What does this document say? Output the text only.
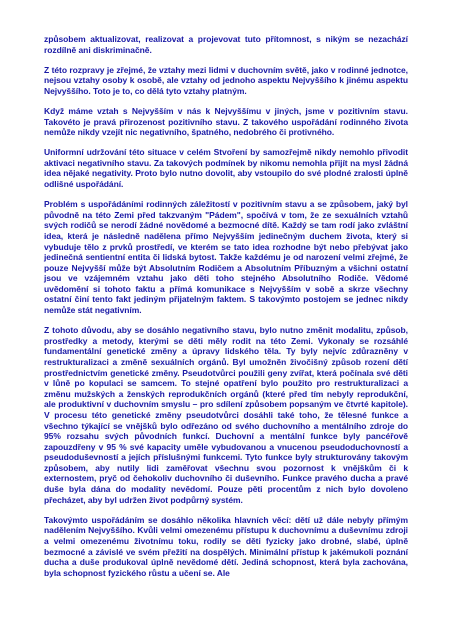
způsobem aktualizovat, realizovat a projevovat tuto přítomnost, s nikým se nezachází rozdílně ani diskriminačně.

Z této rozpravy je zřejmé, že vztahy mezi lidmi v duchovním světě, jako v rodinné jednotce, nejsou vztahy osoby k osobě, ale vztahy od jednoho aspektu Nejvyššího k jinému aspektu Nejvyššího. Toto je to, co dělá tyto vztahy platným.

Když máme vztah s Nejvyšším v nás k Nejvyššímu v jiných, jsme v pozitivním stavu. Takovéto je pravá přirozenost pozitivního stavu. Z takového uspořádání rodinného života nemůže nikdy vzejít nic negativního, špatného, nedobrého či protivného.

Uniformní udržování této situace v celém Stvoření by samozřejmě nikdy nemohlo přivodit aktivaci negativního stavu. Za takových podmínek by nikomu nemohla přijít na mysl žádná idea nějaké negativity. Proto bylo nutno dovolit, aby vstoupilo do své plodné zralosti úplně odlišné uspořádání.

Problém s uspořádáními rodinných záležitostí v pozitivním stavu a se způsobem, jaký byl původně na této Zemi před takzvaným "Pádem", spočívá v tom, že ze sexuálních vztahů svých rodičů se nerodí žádné novědomé a bezmocné dítě. Každý se tam rodí jako zvláštní idea, která je následně nadělena přímo Nejvyšším jedinečným duchem života, který si vybuduje tělo z prvků prostředí, ve kterém se tato idea rozhodne být nebo přebývat jako jedinečná sentientní entita či lidská bytost. Takže každému je od narození velmi zřejmé, že pouze Nejvyšší může být Absolutním Rodičem a Absolutním Příbuzným a všichni ostatní jsou ve vzájemném vztahu jako děti toho stejného Absolutního Rodiče. Vědomé uvědomění si tohoto faktu a přímá komunikace s Nejvyšším v sobě a skrze všechny ostatní činí tento fakt jediným přijatelným faktem. S takovýmto postojem se jednec nikdy nemůže stát negativním.

Z tohoto důvodu, aby se dosáhlo negativního stavu, bylo nutno změnit modalitu, způsob, prostředky a metody, kterými se děti měly rodit na této Zemi. Vykonaly se rozsáhlé fundamentální genetické změny a úpravy lidského těla. Ty byly nejvíc zdůrazněny v restrukturalizaci a změně sexuálních orgánů. Byl umožněn živočišný způsob rození dětí prostřednictvím genetické změny. Pseudotvůrci použili geny zvířat, která počínala své děti v lůně po kopulaci se samcem. To stejné opatření bylo použito pro restrukturalizaci a změnu mužských a ženských reprodukčních orgánů (které před tím nebyly reprodukční, ale produktivní v duchovním smyslu – pro sdílení způsobem popsaným ve čtvrté kapitole). V procesu této genetické změny pseudotvůrci dosáhli také toho, že tělesné funkce a všechno týkající se vnějšků bylo odřezáno od svého duchovního a mentálního zdroje do 95% rozsahu svých původních funkcí. Duchovní a mentální funkce byly pancéřově zapouzdřeny v 95 % své kapacity uměle vybudovanou a vnucenou pseudoduchovností a pseudoduševností a jejích příslušnými funkcemi. Tyto funkce byly strukturovány takovým způsobem, aby nutily lidi zaměřovat všechnu svou pozornost k vnějškům či k externostem, pryč od čehokoliv duchovního či duševního. Funkce pravého ducha a pravé duše byla dána do modality nevědomí. Pouze pěti procentům z nich bylo dovoleno přecházet, aby byl udržen život podpůrný systém.

Takovýmto uspořádáním se dosáhlo několika hlavních věcí: dětí už dále nebyly přímým nadělením Nejvyššího. Kvůli velmi omezenému přístupu k duchovnímu a duševnímu zdroji a velmi omezenému životnímu toku, rodily se děti fyzicky jako drobné, slabé, úplně bezmocné a závislé ve svém přežití na dospělých. Minimální přístup k jakémukoli poznání ducha a duše produkoval úplně nevědomé dětí. Jediná schopnost, která byla zachována, byla schopnost fyzického růstu a učení se. Ale
